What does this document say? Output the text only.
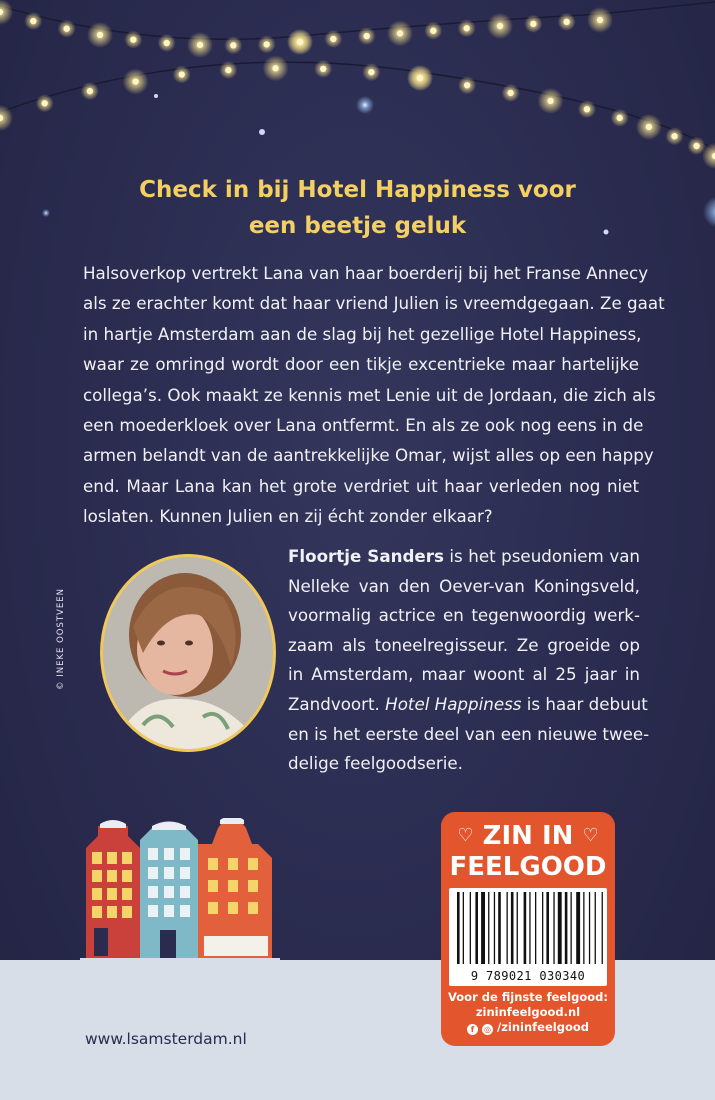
Check in bij Hotel Happiness voor
een beetje geluk
Halsoverkop vertrekt Lana van haar boerderij bij het Franse Annecy
als ze erachter komt dat haar vriend Julien is vreemdgegaan. Ze gaat
in hartje Amsterdam aan de slag bij het gezellige Hotel Happiness,
waar ze omringd wordt door een tikje excentrieke maar hartelijke
collega’s. Ook maakt ze kennis met Lenie uit de Jordaan, die zich als
een moederkloek over Lana ontfermt. En als ze ook nog eens in de
armen belandt van de aantrekkelijke Omar, wijst alles op een happy
end. Maar Lana kan het grote verdriet uit haar verleden nog niet
loslaten. Kunnen Julien en zij écht zonder elkaar?
© INEKE OOSTVEEN
Floortje Sanders is het pseudoniem van
Nelleke van den Oever-van Koningsveld,
voormalig actrice en tegenwoordig werk-
zaam als toneelregisseur. Ze groeide op
in Amsterdam, maar woont al 25 jaar in
Zandvoort. Hotel Happiness is haar debuut
en is het eerste deel van een nieuwe twee-
delige feelgoodserie.
www.lsamsterdam.nl
♡ ZIN IN ♡
FEELGOOD
9 789021 030340
Voor de fijnste feelgood:
zininfeelgood.nl
f ◎ /zininfeelgood
